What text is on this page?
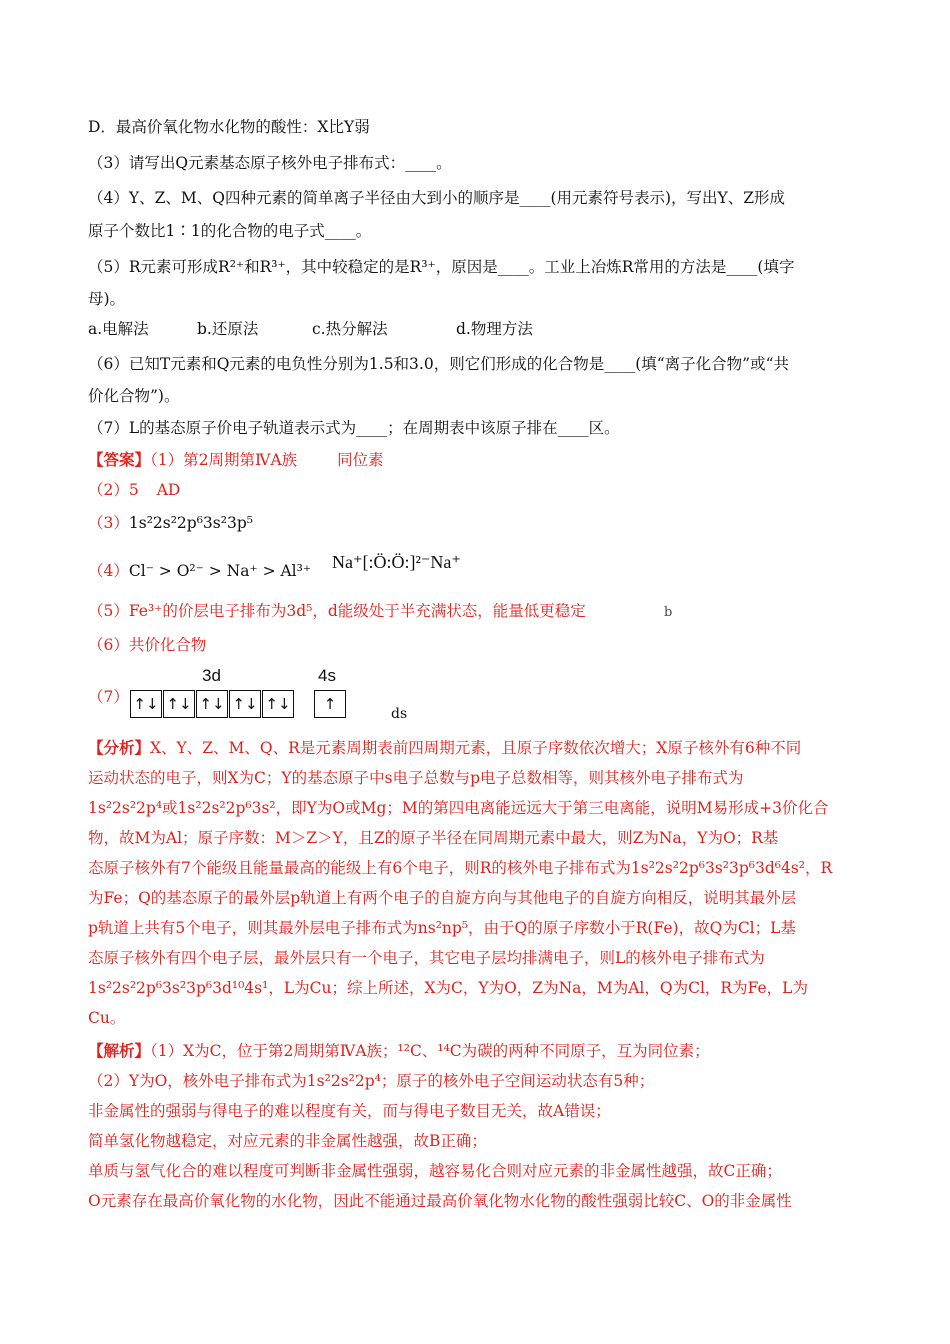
D．最高价氧化物水化物的酸性：X比Y弱
（3）请写出Q元素基态原子核外电子排布式：____。
（4）Y、Z、M、Q四种元素的简单离子半径由大到小的顺序是____(用元素符号表示)，写出Y、Z形成
原子个数比1∶1的化合物的电子式____。
（5）R元素可形成R²⁺和R³⁺，其中较稳定的是R³⁺，原因是____。工业上冶炼R常用的方法是____(填字
母)。
a.电解法	b.还原法	c.热分解法	d.物理方法
（6）已知T元素和Q元素的电负性分别为1.5和3.0，则它们形成的化合物是____(填“离子化合物”或“共
价化合物”)。
（7）L的基态原子价电子轨道表示式为____；在周期表中该原子排在____区。
【答案】（1）第2周期第ⅣA族	同位素
（2）5 AD
（3）1s²2s²2p⁶3s²3p⁵
（4）Cl⁻ > O²⁻ > Na⁺ > Al³⁺ Na⁺[:Ö:Ö:]²⁻Na⁺
（5）Fe³⁺的价层电子排布为3d⁵，d能级处于半充满状态，能量低更稳定	b
（6）共价化合物
（7）
3d	4s
↑↓ ↑↓ ↑↓ ↑↓ ↑↓	↑
ds
【分析】X、Y、Z、M、Q、R是元素周期表前四周期元素，且原子序数依次增大；X原子核外有6种不同
运动状态的电子，则X为C；Y的基态原子中s电子总数与p电子总数相等，则其核外电子排布式为
1s²2s²2p⁴或1s²2s²2p⁶3s²，即Y为O或Mg；M的第四电离能远远大于第三电离能，说明M易形成+3价化合
物，故M为Al；原子序数：M＞Z＞Y，且Z的原子半径在同周期元素中最大，则Z为Na，Y为O；R基
态原子核外有7个能级且能量最高的能级上有6个电子，则R的核外电子排布式为1s²2s²2p⁶3s²3p⁶3d⁶4s²，R
为Fe；Q的基态原子的最外层p轨道上有两个电子的自旋方向与其他电子的自旋方向相反，说明其最外层
p轨道上共有5个电子，则其最外层电子排布式为ns²np⁵，由于Q的原子序数小于R(Fe)，故Q为Cl；L基
态原子核外有四个电子层，最外层只有一个电子，其它电子层均排满电子，则L的核外电子排布式为
1s²2s²2p⁶3s²3p⁶3d¹⁰4s¹，L为Cu；综上所述，X为C，Y为O，Z为Na，M为Al，Q为Cl，R为Fe，L为
Cu。
【解析】（1）X为C，位于第2周期第ⅣA族；¹²C、¹⁴C为碳的两种不同原子，互为同位素；
（2）Y为O，核外电子排布式为1s²2s²2p⁴；原子的核外电子空间运动状态有5种；
非金属性的强弱与得电子的难以程度有关，而与得电子数目无关，故A错误；
简单氢化物越稳定，对应元素的非金属性越强，故B正确；
单质与氢气化合的难以程度可判断非金属性强弱，越容易化合则对应元素的非金属性越强，故C正确；
O元素存在最高价氧化物的水化物，因此不能通过最高价氧化物水化物的酸性强弱比较C、O的非金属性
